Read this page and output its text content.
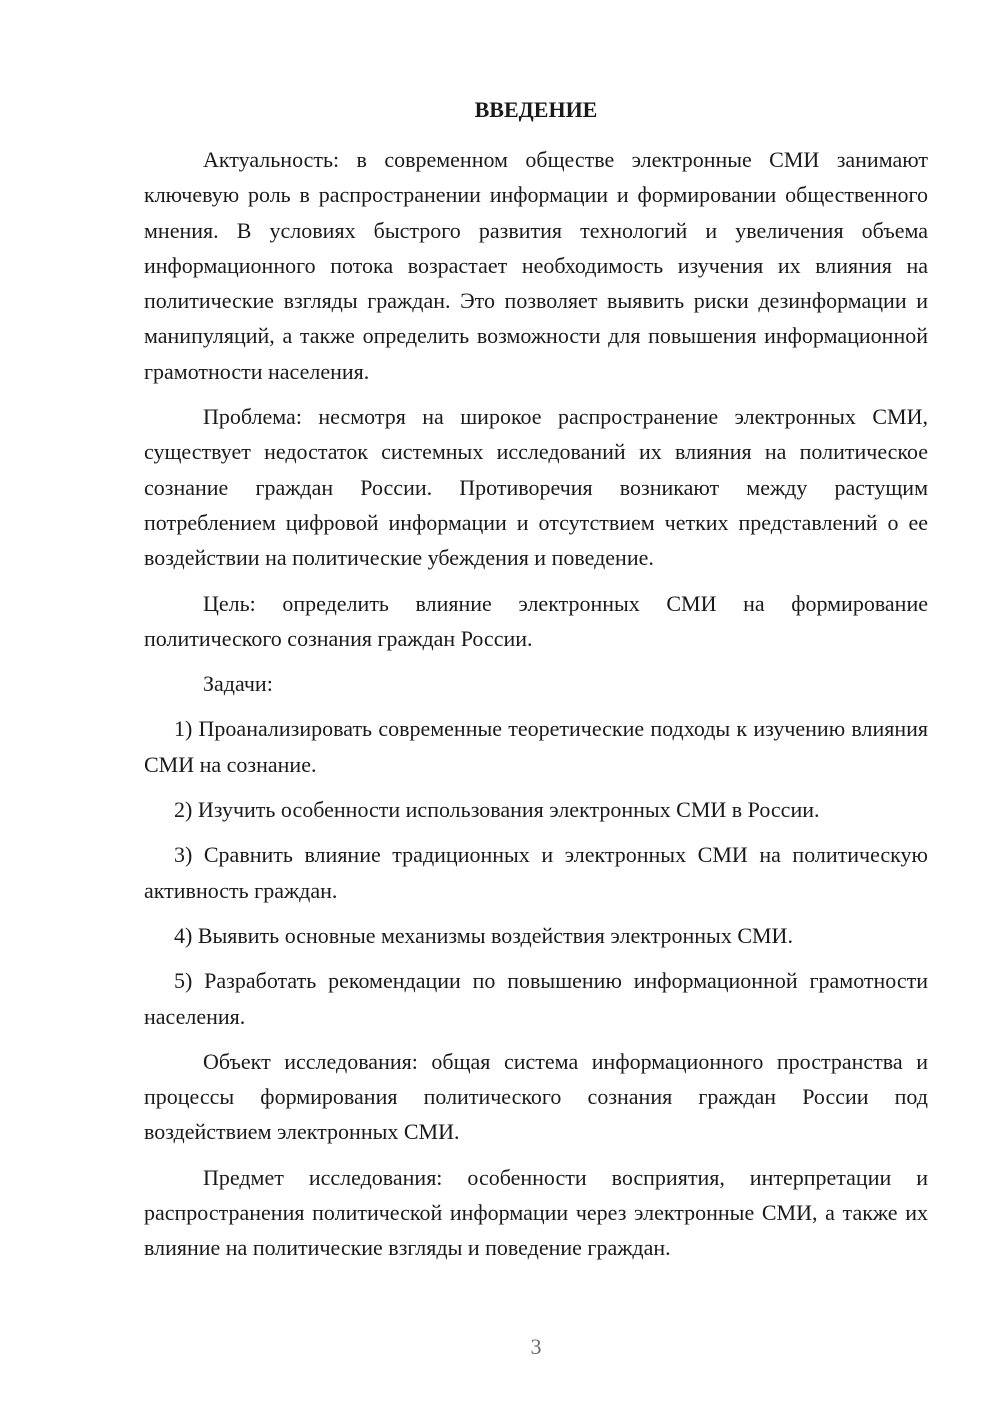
ВВЕДЕНИЕ

Актуальность: в современном обществе электронные СМИ занимают ключевую роль в распространении информации и формировании общественного мнения. В условиях быстрого развития технологий и увеличения объема информационного потока возрастает необходимость изучения их влияния на политические взгляды граждан. Это позволяет выявить риски дезинформации и манипуляций, а также определить возможности для повышения информационной грамотности населения.

Проблема: несмотря на широкое распространение электронных СМИ, существует недостаток системных исследований их влияния на политическое сознание граждан России. Противоречия возникают между растущим потреблением цифровой информации и отсутствием четких представлений о ее воздействии на политические убеждения и поведение.

Цель: определить влияние электронных СМИ на формирование политического сознания граждан России.

Задачи:

1) Проанализировать современные теоретические подходы к изучению влияния СМИ на сознание.

2) Изучить особенности использования электронных СМИ в России.

3) Сравнить влияние традиционных и электронных СМИ на политическую активность граждан.

4) Выявить основные механизмы воздействия электронных СМИ.

5) Разработать рекомендации по повышению информационной грамотности населения.

Объект исследования: общая система информационного пространства и процессы формирования политического сознания граждан России под воздействием электронных СМИ.

Предмет исследования: особенности восприятия, интерпретации и распространения политической информации через электронные СМИ, а также их влияние на политические взгляды и поведение граждан.

3
